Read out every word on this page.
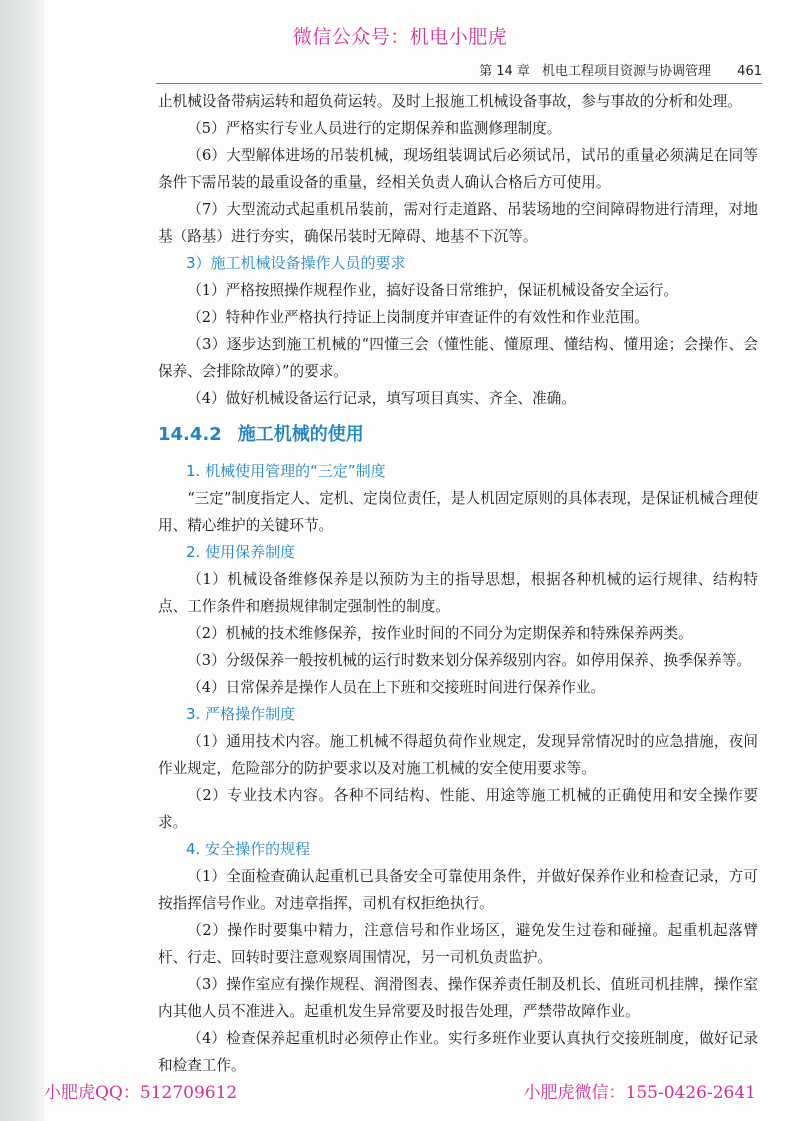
微信公众号：机电小肥虎
第 14 章 机电工程项目资源与协调管理 461

止机械设备带病运转和超负荷运转。及时上报施工机械设备事故，参与事故的分析和处理。

（5）严格实行专业人员进行的定期保养和监测修理制度。

（6）大型解体进场的吊装机械，现场组装调试后必须试吊，试吊的重量必须满足在同等条件下需吊装的最重设备的重量，经相关负责人确认合格后方可使用。

（7）大型流动式起重机吊装前，需对行走道路、吊装场地的空间障碍物进行清理，对地基（路基）进行夯实，确保吊装时无障碍、地基不下沉等。

3）施工机械设备操作人员的要求

（1）严格按照操作规程作业，搞好设备日常维护，保证机械设备安全运行。

（2）特种作业严格执行持证上岗制度并审查证件的有效性和作业范围。

（3）逐步达到施工机械的“四懂三会（懂性能、懂原理、懂结构、懂用途；会操作、会保养、会排除故障）”的要求。

（4）做好机械设备运行记录，填写项目真实、齐全、准确。

14.4.2 施工机械的使用
1. 机械使用管理的“三定”制度

“三定”制度指定人、定机、定岗位责任，是人机固定原则的具体表现，是保证机械合理使用、精心维护的关键环节。

2. 使用保养制度

（1）机械设备维修保养是以预防为主的指导思想，根据各种机械的运行规律、结构特点、工作条件和磨损规律制定强制性的制度。

（2）机械的技术维修保养，按作业时间的不同分为定期保养和特殊保养两类。

（3）分级保养一般按机械的运行时数来划分保养级别内容。如停用保养、换季保养等。

（4）日常保养是操作人员在上下班和交接班时间进行保养作业。

3. 严格操作制度

（1）通用技术内容。施工机械不得超负荷作业规定，发现异常情况时的应急措施，夜间作业规定，危险部分的防护要求以及对施工机械的安全使用要求等。

（2）专业技术内容。各种不同结构、性能、用途等施工机械的正确使用和安全操作要求。

4. 安全操作的规程

（1）全面检查确认起重机已具备安全可靠使用条件，并做好保养作业和检查记录，方可按指挥信号作业。对违章指挥，司机有权拒绝执行。

（2）操作时要集中精力，注意信号和作业场区，避免发生过卷和碰撞。起重机起落臂杆、行走、回转时要注意观察周围情况，另一司机负责监护。

（3）操作室应有操作规程、润滑图表、操作保养责任制及机长、值班司机挂牌，操作室内其他人员不准进入。起重机发生异常要及时报告处理，严禁带故障作业。

（4）检查保养起重机时必须停止作业。实行多班作业要认真执行交接班制度，做好记录和检查工作。

小肥虎QQ：512709612	小肥虎微信：155-0426-2641
